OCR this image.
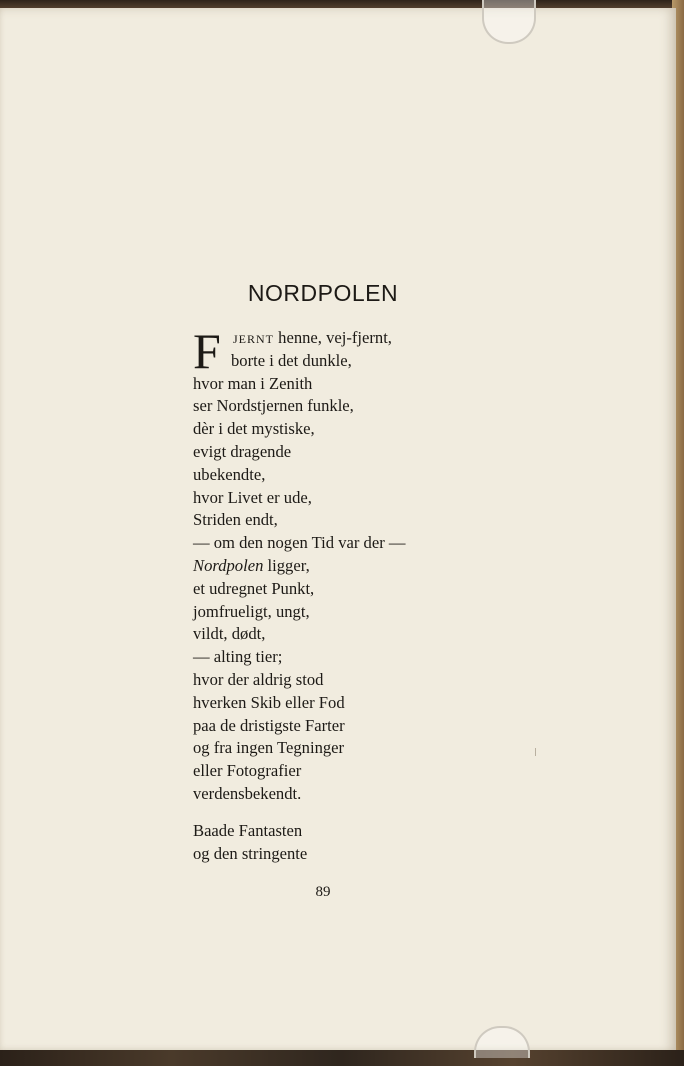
NORDPOLEN
F	JERNT henne, vej-fjernt,
borte i det dunkle,
hvor man i Zenith
ser Nordstjernen funkle,
dèr i det mystiske,
evigt dragende
ubekendte,
hvor Livet er ude,
Striden endt,
— om den nogen Tid var der —
Nordpolen ligger,
et udregnet Punkt,
jomfrueligt, ungt,
vildt, dødt,
— alting tier;
hvor der aldrig stod
hverken Skib eller Fod
paa de dristigste Farter
og fra ingen Tegninger
eller Fotografier
verdensbekendt.
Baade Fantasten
og den stringente
89
